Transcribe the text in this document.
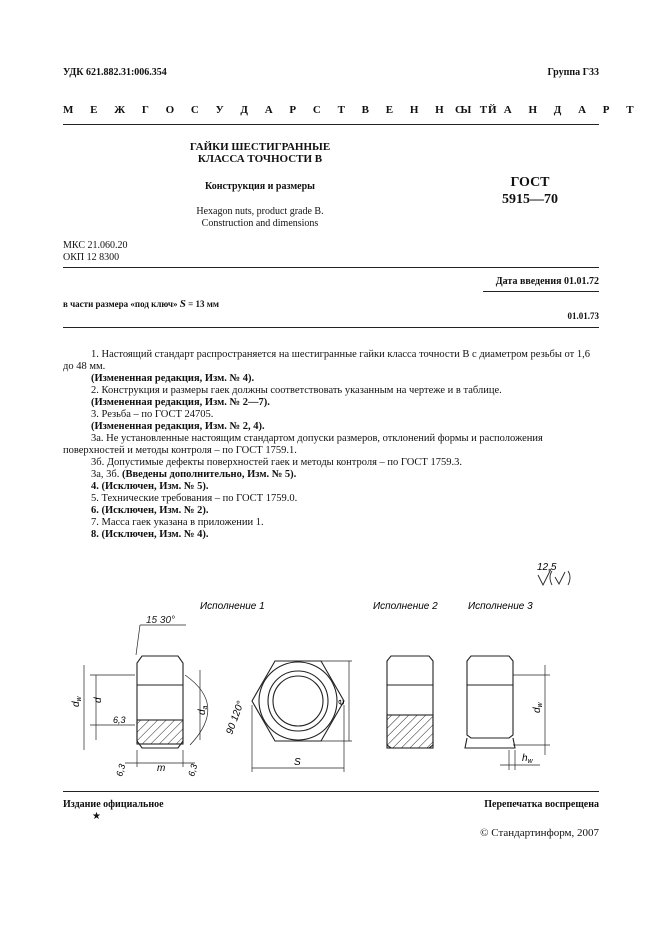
УДК 621.882.31:006.354	Группа Г33
М Е Ж Г О С У Д А Р С Т В Е Н Н Ы Й
С Т А Н Д А Р Т
ГАЙКИ ШЕСТИГРАННЫЕ
КЛАССА ТОЧНОСТИ В
Конструкция и размеры
Hexagon nuts, product grade B.
Construction and dimensions
ГОСТ
5915—70
МКС 21.060.20
ОКП 12 8300
Дата введения 01.01.72
в части размера «под ключ» S = 13 мм
01.01.73

1. Настоящий стандарт распространяется на шестигранные гайки класса точности В с диаметром резьбы от 1,6 до 48 мм.

(Измененная редакция, Изм. № 4).

2. Конструкция и размеры гаек должны соответствовать указанным на чертеже и в таблице.

(Измененная редакция, Изм. № 2—7).

3. Резьба – по ГОСТ 24705.

(Измененная редакция, Изм. № 2, 4).

3а. Не установленные настоящим стандартом допуски размеров, отклонений формы и расположения поверхностей и методы контроля – по ГОСТ 1759.1.

3б. Допустимые дефекты поверхностей гаек и методы контроля – по ГОСТ 1759.3.

3а, 3б. (Введены дополнительно, Изм. № 5).

4. (Исключен, Изм. № 5).

5. Технические требования – по ГОСТ 1759.0.

6. (Исключен, Изм. № 2).

7. Масса гаек указана в приложении 1.

8. (Исключен, Изм. № 4).

12,5
Исполнение 1	Исполнение 2	Исполнение 3
15 30°
$d_w$ d
6,3
6,3	6,3
m
$d_a$ 90 120°	e
S
$d_w$
$h_w$
Издание официальное
★
Перепечатка воспрещена
© Стандартинформ, 2007
